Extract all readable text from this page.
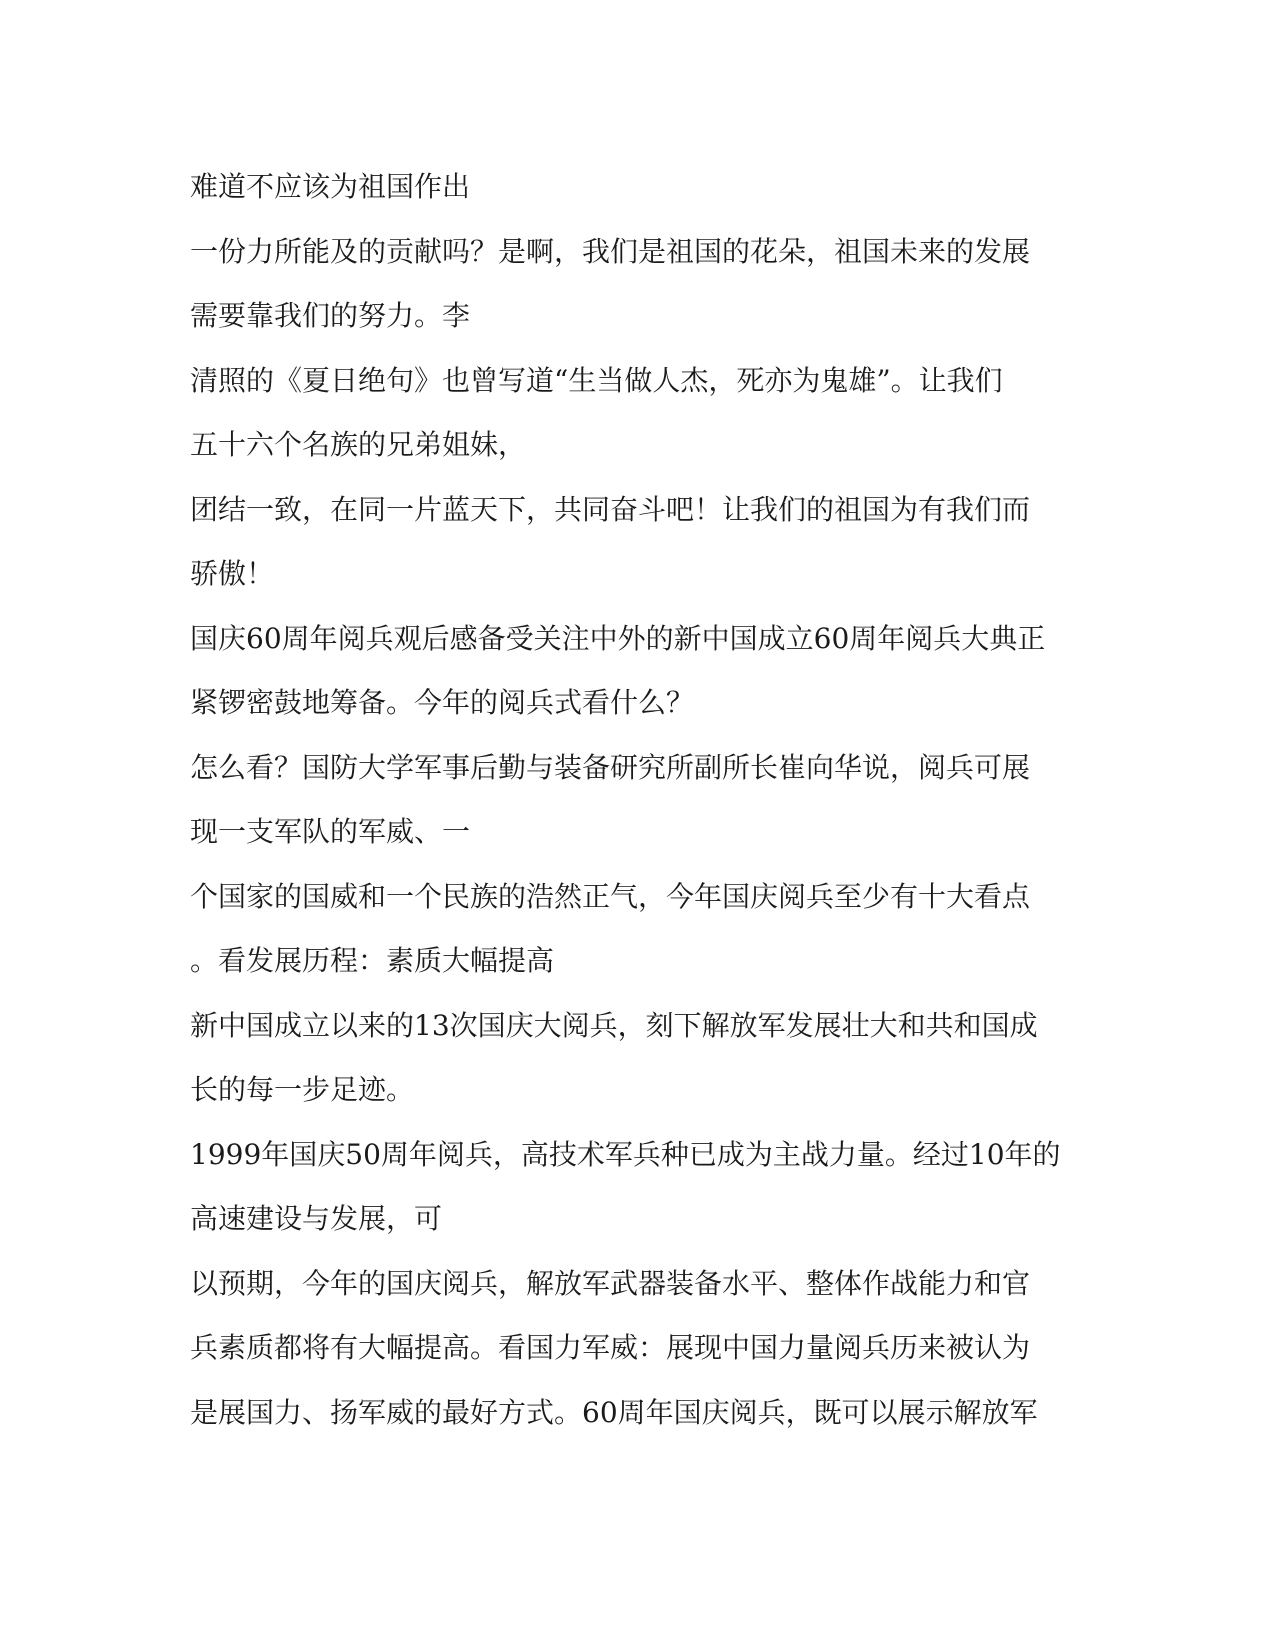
难道不应该为祖国作出
一份力所能及的贡献吗？是啊，我们是祖国的花朵，祖国未来的发展
需要靠我们的努力。李
清照的《夏日绝句》也曾写道“生当做人杰，死亦为鬼雄”。让我们
五十六个名族的兄弟姐妹，
团结一致，在同一片蓝天下，共同奋斗吧！让我们的祖国为有我们而
骄傲！
国庆60周年阅兵观后感备受关注中外的新中国成立60周年阅兵大典正
紧锣密鼓地筹备。今年的阅兵式看什么？
怎么看？国防大学军事后勤与装备研究所副所长崔向华说，阅兵可展
现一支军队的军威、一
个国家的国威和一个民族的浩然正气，今年国庆阅兵至少有十大看点
。看发展历程：素质大幅提高
新中国成立以来的13次国庆大阅兵，刻下解放军发展壮大和共和国成
长的每一步足迹。
1999年国庆50周年阅兵，高技术军兵种已成为主战力量。经过10年的
高速建设与发展，可
以预期，今年的国庆阅兵，解放军武器装备水平、整体作战能力和官
兵素质都将有大幅提高。看国力军威：展现中国力量阅兵历来被认为
是展国力、扬军威的最好方式。60周年国庆阅兵，既可以展示解放军
